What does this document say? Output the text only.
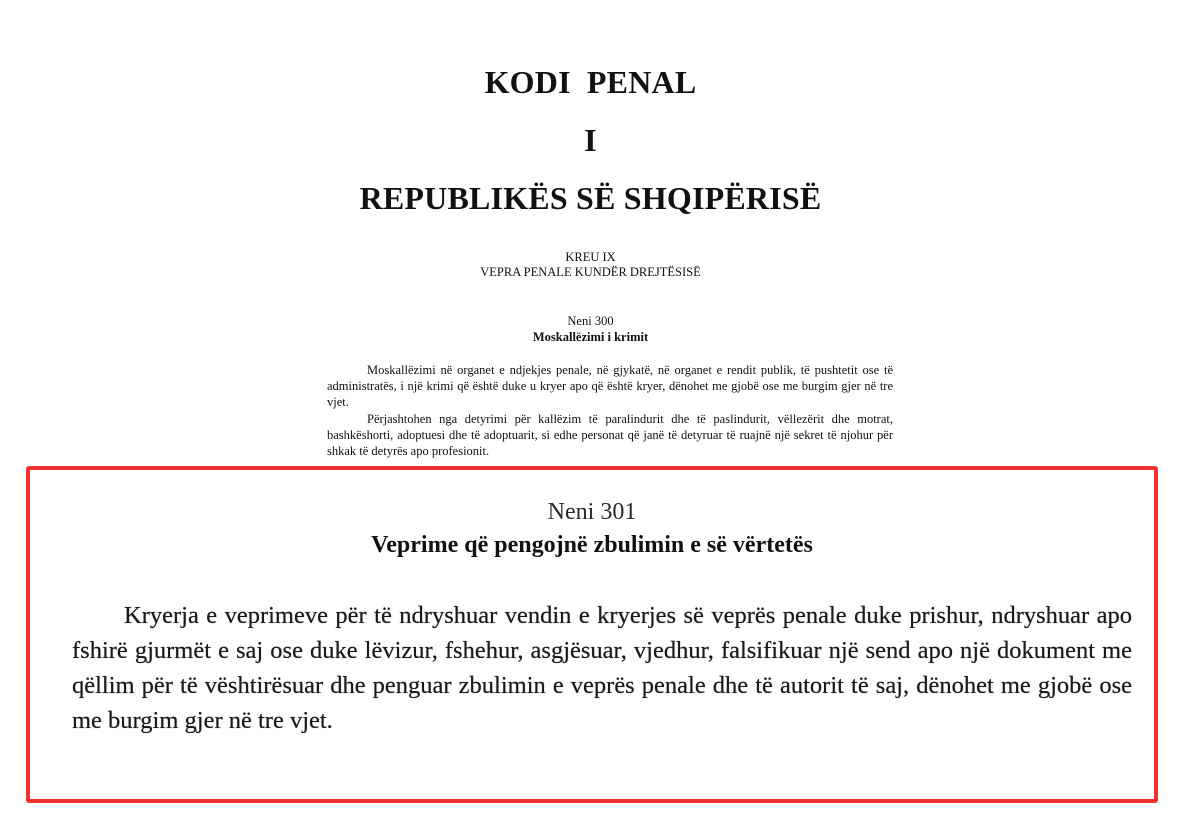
KODI PENAL
I
REPUBLIKËS SË SHQIPËRISË
KREU IX
VEPRA PENALE KUNDËR DREJTËSISË
Neni 300
Moskallëzimi i krimit

Moskallëzimi në organet e ndjekjes penale, në gjykatë, në organet e rendit publik, të pushtetit ose të administratës, i një krimi që është duke u kryer apo që është kryer, dënohet me gjobë ose me burgim gjer në tre vjet.

Përjashtohen nga detyrimi për kallëzim të paralindurit dhe të paslindurit, vëllezërit dhe motrat, bashkëshorti, adoptuesi dhe të adoptuarit, si edhe personat që janë të detyruar të ruajnë një sekret të njohur për shkak të detyrës apo profesionit.

Neni 301
Veprime që pengojnë zbulimin e së vërtetës

Kryerja e veprimeve për të ndryshuar vendin e kryerjes së veprës penale duke prishur, ndryshuar apo fshirë gjurmët e saj ose duke lëvizur, fshehur, asgjësuar, vjedhur, falsifikuar një send apo një dokument me qëllim për të vështirësuar dhe penguar zbulimin e veprës penale dhe të autorit të saj, dënohet me gjobë ose me burgim gjer në tre vjet.
